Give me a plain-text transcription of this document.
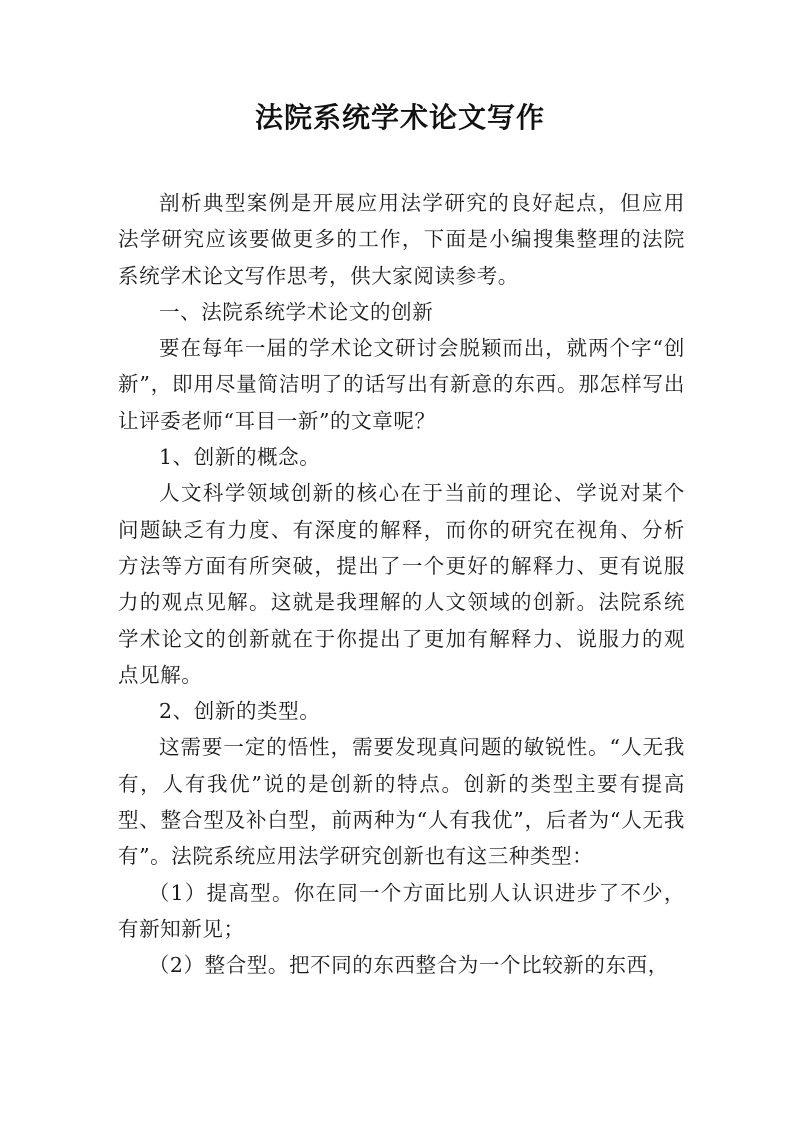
法院系统学术论文写作

剖析典型案例是开展应用法学研究的良好起点，但应用法学研究应该要做更多的工作，下面是小编搜集整理的法院系统学术论文写作思考，供大家阅读参考。

一、法院系统学术论文的创新

要在每年一届的学术论文研讨会脱颖而出，就两个字“创新”，即用尽量简洁明了的话写出有新意的东西。那怎样写出让评委老师“耳目一新”的文章呢？

1、创新的概念。

人文科学领域创新的核心在于当前的理论、学说对某个问题缺乏有力度、有深度的解释，而你的研究在视角、分析方法等方面有所突破，提出了一个更好的解释力、更有说服力的观点见解。这就是我理解的人文领域的创新。法院系统学术论文的创新就在于你提出了更加有解释力、说服力的观点见解。

2、创新的类型。

这需要一定的悟性，需要发现真问题的敏锐性。“人无我有，人有我优”说的是创新的特点。创新的类型主要有提高型、整合型及补白型，前两种为“人有我优”，后者为“人无我有”。法院系统应用法学研究创新也有这三种类型：

（1）提高型。你在同一个方面比别人认识进步了不少，有新知新见；

（2）整合型。把不同的东西整合为一个比较新的东西，
